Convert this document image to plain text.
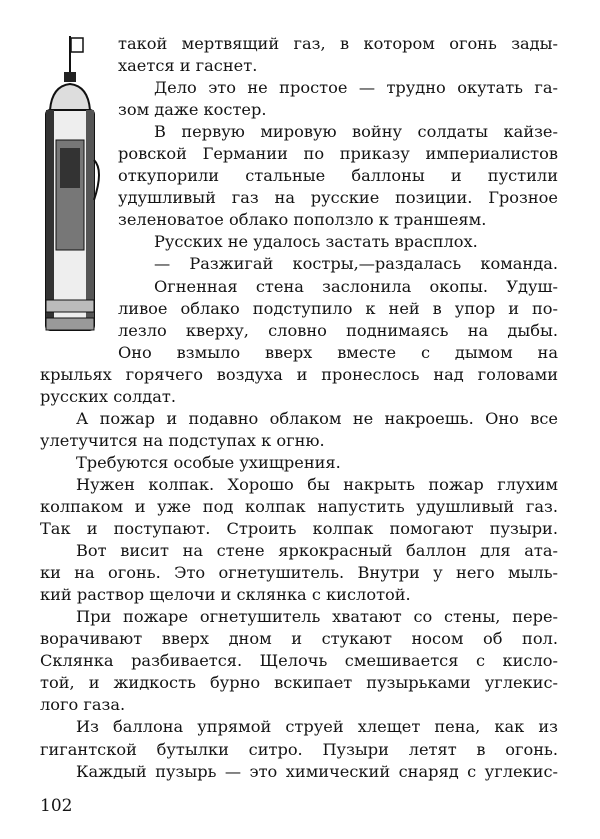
такой мертвящий газ, в котором огонь зады-
хается и гаснет.
Дело это не простое — трудно окутать га-
зом даже костер.
В первую мировую войну солдаты кайзе-
ровской Германии по приказу империалистов
откупорили стальные баллоны и пустили
удушливый газ на русские позиции. Грозное
зеленоватое облако поползло к траншеям.
Русских не удалось застать врасплох.
— Разжигай костры,—раздалась команда.
Огненная стена заслонила окопы. Удуш-
ливое облако подступило к ней в упор и по-
лезло кверху, словно поднимаясь на дыбы.
Оно взмыло вверх вместе с дымом на
крыльях горячего воздуха и пронеслось над головами
русских солдат.
А пожар и подавно облаком не накроешь. Оно все
улетучится на подступах к огню.
Требуются особые ухищрения.
Нужен колпак. Хорошо бы накрыть пожар глухим
колпаком и уже под колпак напустить удушливый газ.
Так и поступают. Строить колпак помогают пузыри.
Вот висит на стене яркокрасный баллон для ата-
ки на огонь. Это огнетушитель. Внутри у него мыль-
кий раствор щелочи и склянка с кислотой.
При пожаре огнетушитель хватают со стены, пере-
ворачивают вверх дном и стукают носом об пол.
Склянка разбивается. Щелочь смешивается с кисло-
той, и жидкость бурно вскипает пузырьками углекис-
лого газа.
Из баллона упрямой струей хлещет пена, как из
гигантской бутылки ситро. Пузыри летят в огонь.
Каждый пузырь — это химический снаряд с углекис-
102
